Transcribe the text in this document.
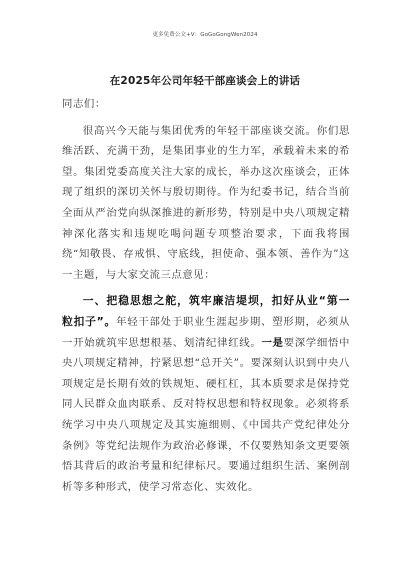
更多免费公文+V：GoGoGongWen2024
在2025年公司年轻干部座谈会上的讲话

同志们：

很高兴今天能与集团优秀的年轻干部座谈交流。你们思维活跃、充满干劲，是集团事业的生力军，承载着未来的希望。集团党委高度关注大家的成长，举办这次座谈会，正体现了组织的深切关怀与殷切期待。作为纪委书记，结合当前全面从严治党向纵深推进的新形势，特别是中央八项规定精神深化落实和违规吃喝问题专项整治要求，下面我将围绕“知敬畏、存戒惧、守底线，担使命、强本领、善作为”这一主题，与大家交流三点意见：

一、把稳思想之舵，筑牢廉洁堤坝，扣好从业“第一粒扣子”。年轻干部处于职业生涯起步期、塑形期，必须从一开始就筑牢思想根基、划清纪律红线。一是要深学细悟中央八项规定精神，拧紧思想“总开关”。要深刻认识到中央八项规定是长期有效的铁规矩、硬杠杠，其本质要求是保持党同人民群众血肉联系、反对特权思想和特权现象。必须将系统学习中央八项规定及其实施细则、《中国共产党纪律处分条例》等党纪法规作为政治必修课，不仅要熟知条文更要领悟其背后的政治考量和纪律标尺。要通过组织生活、案例剖析等多种形式，使学习常态化、实效化。
